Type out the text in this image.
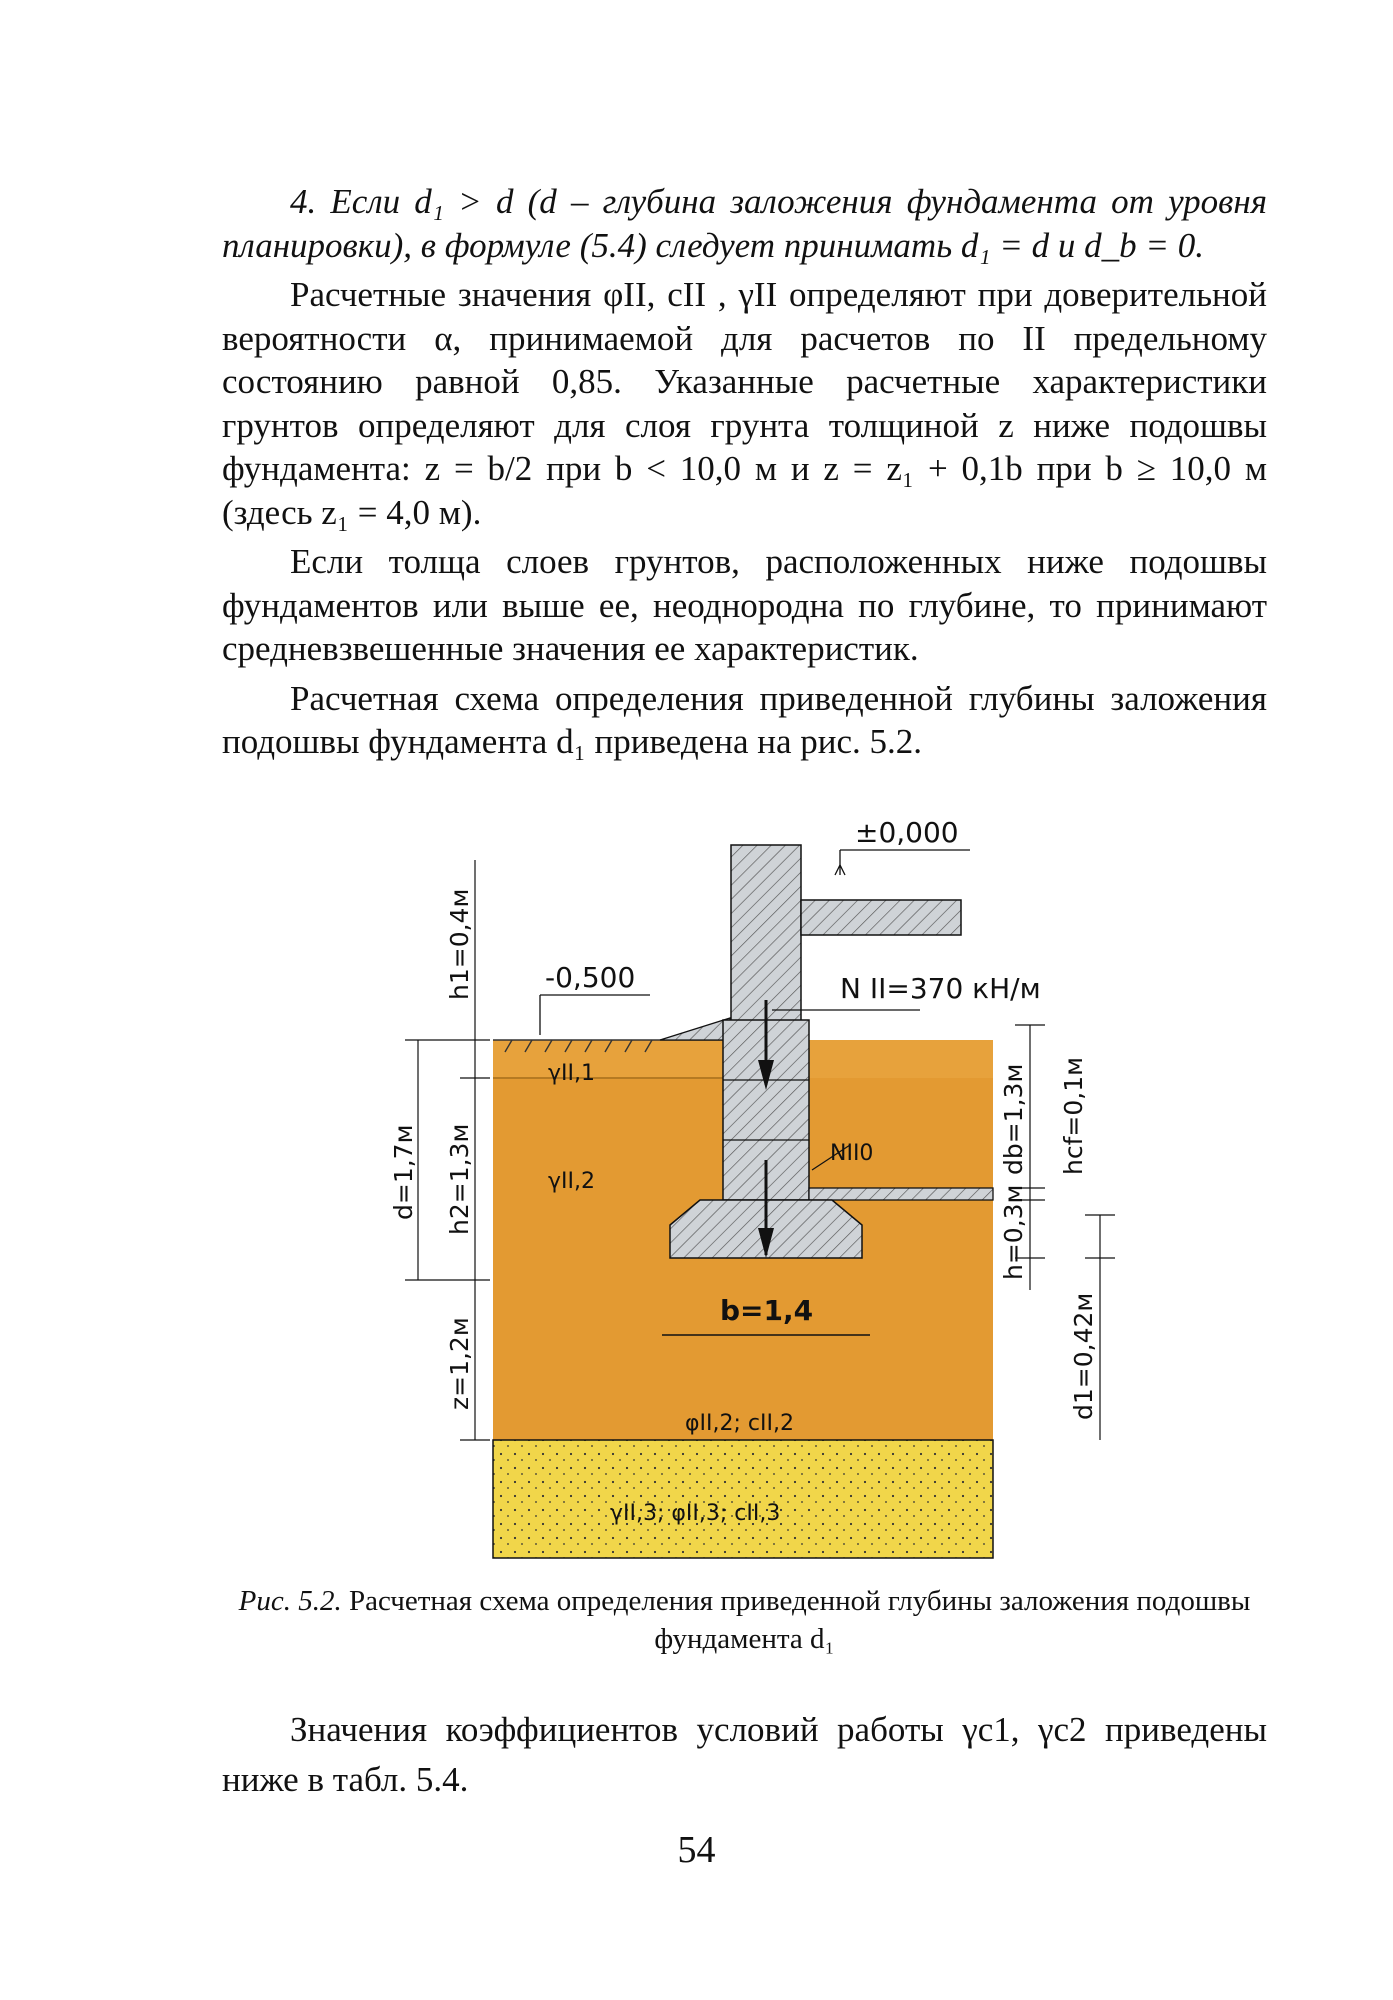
4. Если d₁ > d (d – глубина заложения фундамента от уровня планировки), в формуле (5.4) следует принимать d₁ = d и d_b = 0.

Расчетные значения φII, cII , γII определяют при доверительной вероятности α, принимаемой для расчетов по II предельному состоянию равной 0,85. Указанные расчетные характеристики грунтов определяют для слоя грунта толщиной z ниже подошвы фундамента: z = b/2 при b < 10,0 м и z = z₁ + 0,1b при b ≥ 10,0 м (здесь z₁ = 4,0 м).

Если толща слоев грунтов, расположенных ниже подошвы фундаментов или выше ее, неоднородна по глубине, то принимают средневзвешенные значения ее характеристик.

Расчетная схема определения приведенной глубины заложения подошвы фундамента d₁ приведена на рис. 5.2.

±0,000
-0,500	N II=370 кН/м
NII0
b=1,4
γII,1
γII,2
φII,2; cII,2
γII,3; φII,3; cII,3
h1=0,4м
d=1,7м h2=1,3м
z=1,2м
db=1,3м hcf=0,1м
h=0,3м
d1=0,42м
Рис. 5.2. Расчетная схема определения приведенной глубины заложения подошвы фундамента d₁

Значения коэффициентов условий работы γc1, γc2 приведены ниже в табл. 5.4.

54
